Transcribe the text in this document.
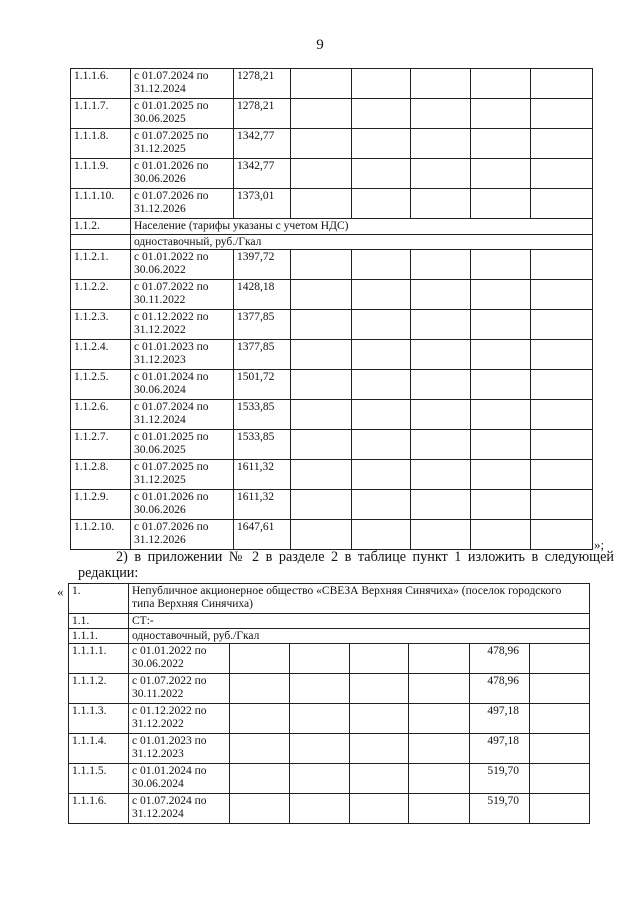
9
1.1.1.6.	с 01.07.2024 по 31.12.2024	1278,21					
1.1.1.7.	с 01.01.2025 по 30.06.2025	1278,21					
1.1.1.8.	с 01.07.2025 по 31.12.2025	1342,77					
1.1.1.9.	с 01.01.2026 по 30.06.2026	1342,77					
1.1.1.10.	с 01.07.2026 по 31.12.2026	1373,01					
1.1.2.	Население (тарифы указаны с учетом НДС)						
	одноставочный, руб./Гкал						
1.1.2.1.	с 01.01.2022 по 30.06.2022	1397,72					
1.1.2.2.	с 01.07.2022 по 30.11.2022	1428,18					
1.1.2.3.	с 01.12.2022 по 31.12.2022	1377,85					
1.1.2.4.	с 01.01.2023 по 31.12.2023	1377,85					
1.1.2.5.	с 01.01.2024 по 30.06.2024	1501,72					
1.1.2.6.	с 01.07.2024 по 31.12.2024	1533,85					
1.1.2.7.	с 01.01.2025 по 30.06.2025	1533,85					
1.1.2.8.	с 01.07.2025 по 31.12.2025	1611,32					
1.1.2.9.	с 01.01.2026 по 30.06.2026	1611,32					
1.1.2.10.	с 01.07.2026 по 31.12.2026	1647,61					
»;
2) в приложении № 2 в разделе 2 в таблице пункт 1 изложить в следующей
редакции:
« 1.	Непубличное акционерное общество «СВЕЗА Верхняя Синячиха» (поселок городского типа Верхняя Синячиха)						
1.1.	СТ:-						
1.1.1.	одноставочный, руб./Гкал						
1.1.1.1.	с 01.01.2022 по 30.06.2022					478,96	
1.1.1.2.	с 01.07.2022 по 30.11.2022					478,96	
1.1.1.3.	с 01.12.2022 по 31.12.2022					497,18	
1.1.1.4.	с 01.01.2023 по 31.12.2023					497,18	
1.1.1.5.	с 01.01.2024 по 30.06.2024					519,70	
1.1.1.6.	с 01.07.2024 по 31.12.2024					519,70	
